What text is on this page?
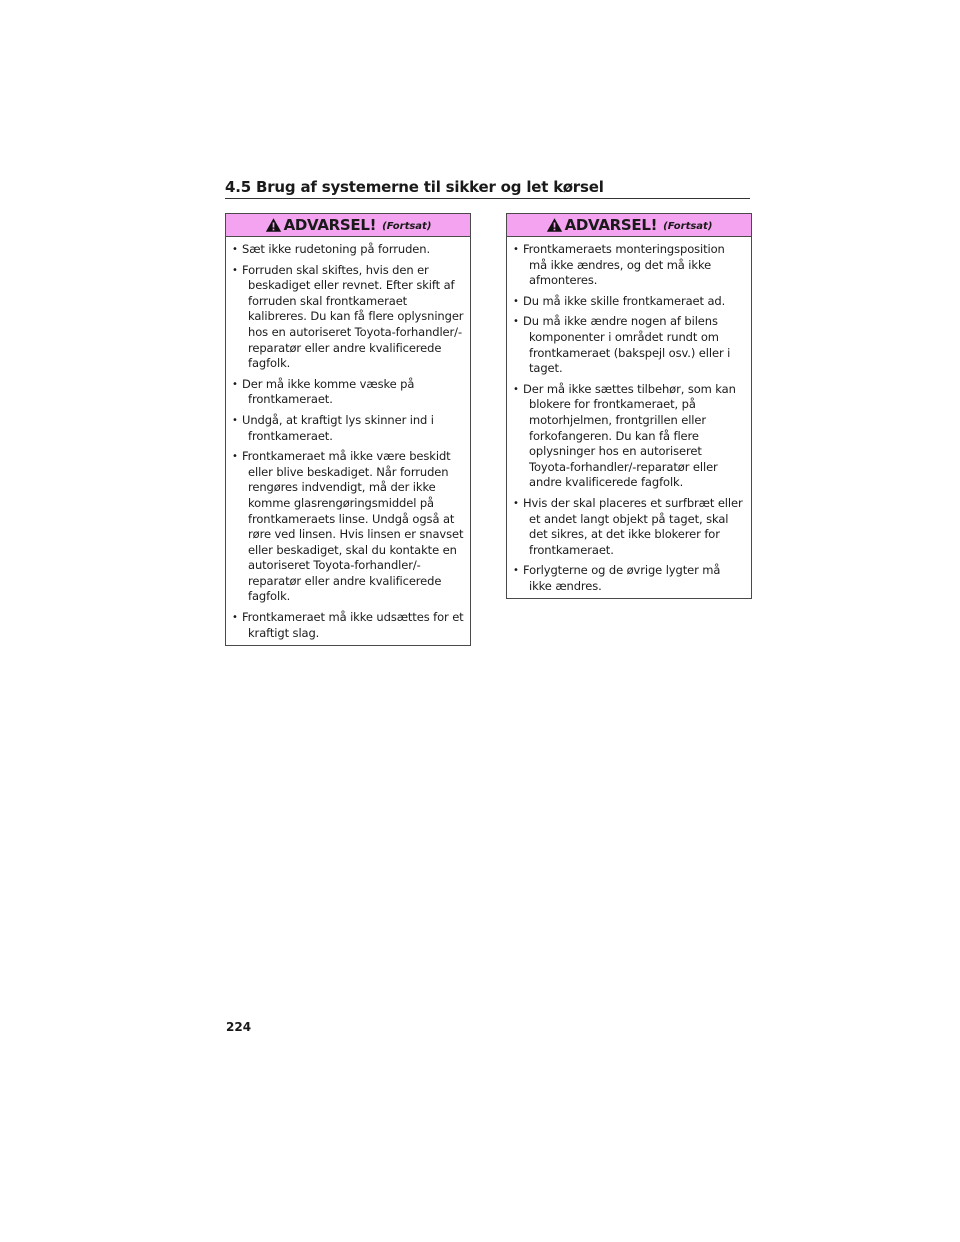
4.5 Brug af systemerne til sikker og let kørsel
ADVARSEL! (Fortsat)
• Sæt ikke rudetoning på forruden.
• Forruden skal skiftes, hvis den er beskadiget eller revnet. Efter skift af forruden skal frontkameraet kalibreres. Du kan få flere oplysninger hos en autoriseret Toyota-forhandler/-reparatør eller andre kvalificerede fagfolk.
• Der må ikke komme væske på frontkameraet.
• Undgå, at kraftigt lys skinner ind i frontkameraet.
• Frontkameraet må ikke være beskidt eller blive beskadiget. Når forruden rengøres indvendigt, må der ikke komme glasrengøringsmiddel på frontkameraets linse. Undgå også at røre ved linsen. Hvis linsen er snavset eller beskadiget, skal du kontakte en autoriseret Toyota-forhandler/-reparatør eller andre kvalificerede fagfolk.
• Frontkameraet må ikke udsættes for et kraftigt slag.
ADVARSEL! (Fortsat)
• Frontkameraets monteringsposition må ikke ændres, og det må ikke afmonteres.
• Du må ikke skille frontkameraet ad.
• Du må ikke ændre nogen af bilens komponenter i området rundt om frontkameraet (bakspejl osv.) eller i taget.
• Der må ikke sættes tilbehør, som kan blokere for frontkameraet, på motorhjelmen, frontgrillen eller forkofangeren. Du kan få flere oplysninger hos en autoriseret Toyota-forhandler/-reparatør eller andre kvalificerede fagfolk.
• Hvis der skal placeres et surfbræt eller et andet langt objekt på taget, skal det sikres, at det ikke blokerer for frontkameraet.
• Forlygterne og de øvrige lygter må ikke ændres.
224
